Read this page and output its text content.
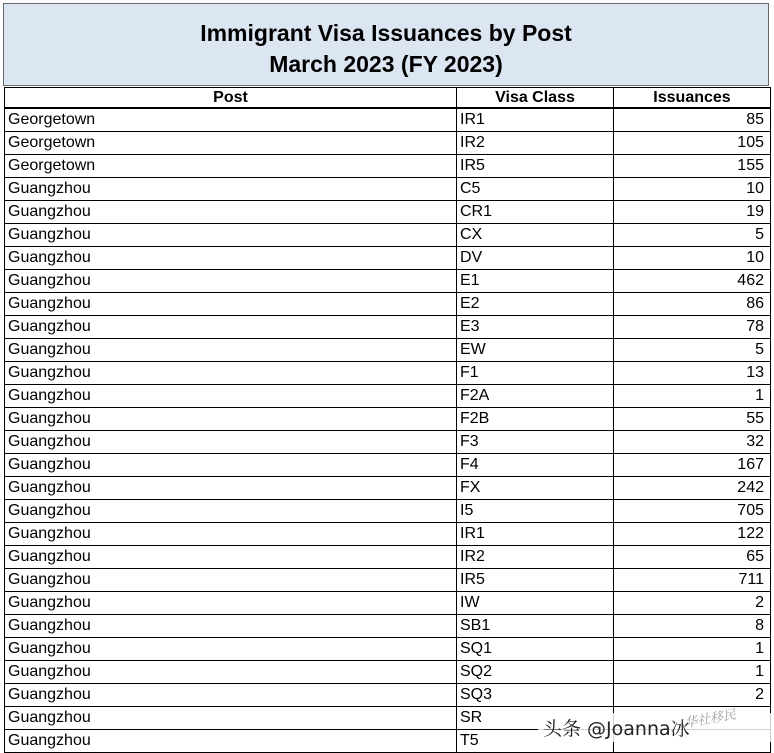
Immigrant Visa Issuances by Post
March 2023 (FY 2023)
Post	Visa Class	Issuances
Georgetown	IR1	85
Georgetown	IR2	105
Georgetown	IR5	155
Guangzhou	C5	10
Guangzhou	CR1	19
Guangzhou	CX	5
Guangzhou	DV	10
Guangzhou	E1	462
Guangzhou	E2	86
Guangzhou	E3	78
Guangzhou	EW	5
Guangzhou	F1	13
Guangzhou	F2A	1
Guangzhou	F2B	55
Guangzhou	F3	32
Guangzhou	F4	167
Guangzhou	FX	242
Guangzhou	I5	705
Guangzhou	IR1	122
Guangzhou	IR2	65
Guangzhou	IR5	711
Guangzhou	IW	2
Guangzhou	SB1	8
Guangzhou	SQ1	1
Guangzhou	SQ2	1
Guangzhou	SQ3	2
Guangzhou	SR	
Guangzhou	T5	
头条 @Joanna冰
华社移民
